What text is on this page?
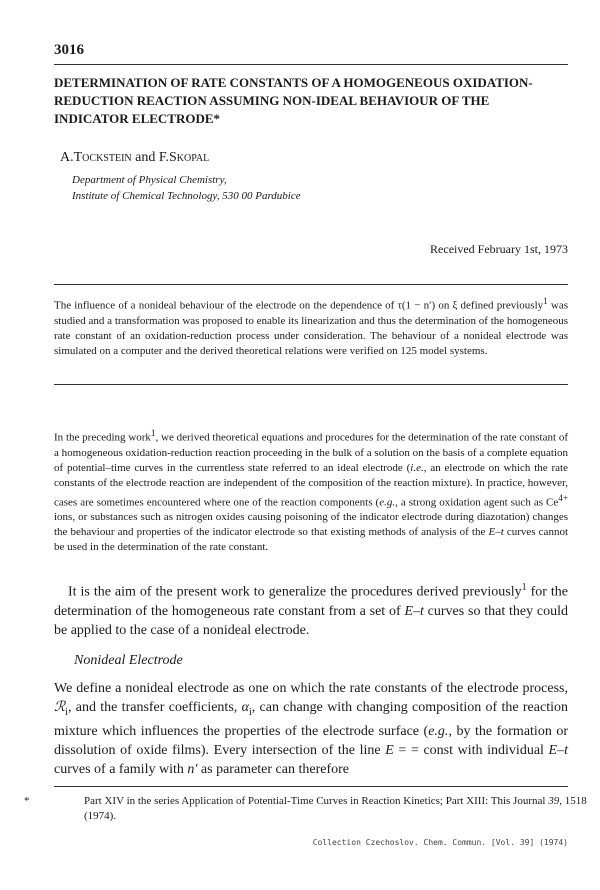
3016
DETERMINATION OF RATE CONSTANTS OF A HOMOGENEOUS OXIDATION-REDUCTION REACTION ASSUMING NON-IDEAL BEHAVIOUR OF THE INDICATOR ELECTRODE*
A.Tockstein and F.Skopal
Department of Physical Chemistry,
Institute of Chemical Technology, 530 00 Pardubice
Received February 1st, 1973

The influence of a nonideal behaviour of the electrode on the dependence of τ(1 − n′) on ξ defined previously$^1$ was studied and a transformation was proposed to enable its linearization and thus the determination of the homogeneous rate constant of an oxidation-reduction process under consideration. The behaviour of a nonideal electrode was simulated on a computer and the derived theoretical relations were verified on 125 model systems.

In the preceding work$^1$, we derived theoretical equations and procedures for the determination of the rate constant of a homogeneous oxidation-reduction reaction proceeding in the bulk of a solution on the basis of a complete equation of potential–time curves in the currentless state referred to an ideal electrode (i.e., an electrode on which the rate constants of the electrode reaction are independent of the composition of the reaction mixture). In practice, however, cases are sometimes encountered where one of the reaction components (e.g., a strong oxidation agent such as $Ce^{4+}$ ions, or substances such as nitrogen oxides causing poisoning of the indicator electrode during diazotation) changes the behaviour and properties of the indicator electrode so that existing methods of analysis of the E–t curves cannot be used in the determination of the rate constant.

It is the aim of the present work to generalize the procedures derived previously$^1$ for the determination of the homogeneous rate constant from a set of E–t curves so that they could be applied to the case of a nonideal electrode.

Nonideal Electrode

We define a nonideal electrode as one on which the rate constants of the electrode process, ℛ$_i$, and the transfer coefficients, $\alpha_i$, can change with changing composition of the reaction mixture which influences the properties of the electrode surface (e.g., by the formation or dissolution of oxide films). Every intersection of the line E = = const with individual E–t curves of a family with n′ as parameter can therefore

*	Part XIV in the series Application of Potential-Time Curves in Reaction Kinetics; Part XIII: This Journal 39, 1518 (1974).

Collection Czechoslov. Chem. Commun. [Vol. 39] (1974)
